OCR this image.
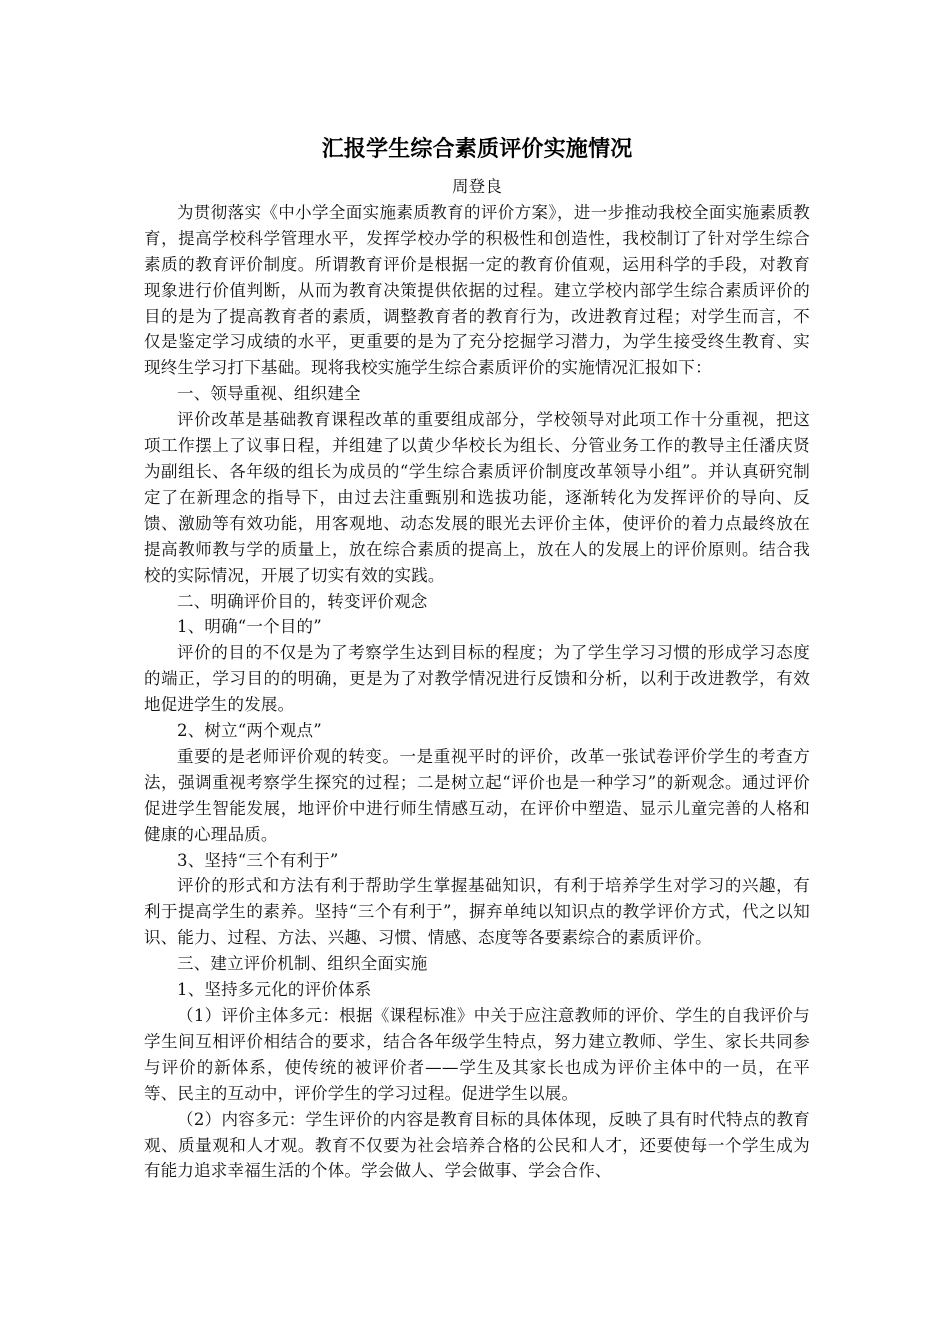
汇报学生综合素质评价实施情况

周登良

为贯彻落实《中小学全面实施素质教育的评价方案》，进一步推动我校全面实施素质教育，提高学校科学管理水平，发挥学校办学的积极性和创造性，我校制订了针对学生综合素质的教育评价制度。所谓教育评价是根据一定的教育价值观，运用科学的手段，对教育现象进行价值判断，从而为教育决策提供依据的过程。建立学校内部学生综合素质评价的目的是为了提高教育者的素质，调整教育者的教育行为，改进教育过程；对学生而言，不仅是鉴定学习成绩的水平，更重要的是为了充分挖掘学习潜力，为学生接受终生教育、实现终生学习打下基础。现将我校实施学生综合素质评价的实施情况汇报如下：

一、领导重视、组织建全

评价改革是基础教育课程改革的重要组成部分，学校领导对此项工作十分重视，把这项工作摆上了议事日程，并组建了以黄少华校长为组长、分管业务工作的教导主任潘庆贤为副组长、各年级的组长为成员的“学生综合素质评价制度改革领导小组”。并认真研究制定了在新理念的指导下，由过去注重甄别和选拔功能，逐渐转化为发挥评价的导向、反馈、激励等有效功能，用客观地、动态发展的眼光去评价主体，使评价的着力点最终放在提高教师教与学的质量上，放在综合素质的提高上，放在人的发展上的评价原则。结合我校的实际情况，开展了切实有效的实践。

二、明确评价目的，转变评价观念

1、明确“一个目的”

评价的目的不仅是为了考察学生达到目标的程度；为了学生学习习惯的形成学习态度的端正，学习目的的明确，更是为了对教学情况进行反馈和分析，以利于改进教学，有效地促进学生的发展。

2、树立“两个观点”

重要的是老师评价观的转变。一是重视平时的评价，改革一张试卷评价学生的考查方法，强调重视考察学生探究的过程；二是树立起“评价也是一种学习”的新观念。通过评价促进学生智能发展，地评价中进行师生情感互动，在评价中塑造、显示儿童完善的人格和健康的心理品质。

3、坚持“三个有利于”

评价的形式和方法有利于帮助学生掌握基础知识，有利于培养学生对学习的兴趣，有利于提高学生的素养。坚持“三个有利于”，摒弃单纯以知识点的教学评价方式，代之以知识、能力、过程、方法、兴趣、习惯、情感、态度等各要素综合的素质评价。

三、建立评价机制、组织全面实施

1、坚持多元化的评价体系

（1）评价主体多元：根据《课程标准》中关于应注意教师的评价、学生的自我评价与学生间互相评价相结合的要求，结合各年级学生特点，努力建立教师、学生、家长共同参与评价的新体系，使传统的被评价者——学生及其家长也成为评价主体中的一员，在平等、民主的互动中，评价学生的学习过程。促进学生以展。

（2）内容多元：学生评价的内容是教育目标的具体体现，反映了具有时代特点的教育观、质量观和人才观。教育不仅要为社会培养合格的公民和人才，还要使每一个学生成为有能力追求幸福生活的个体。学会做人、学会做事、学会合作、
